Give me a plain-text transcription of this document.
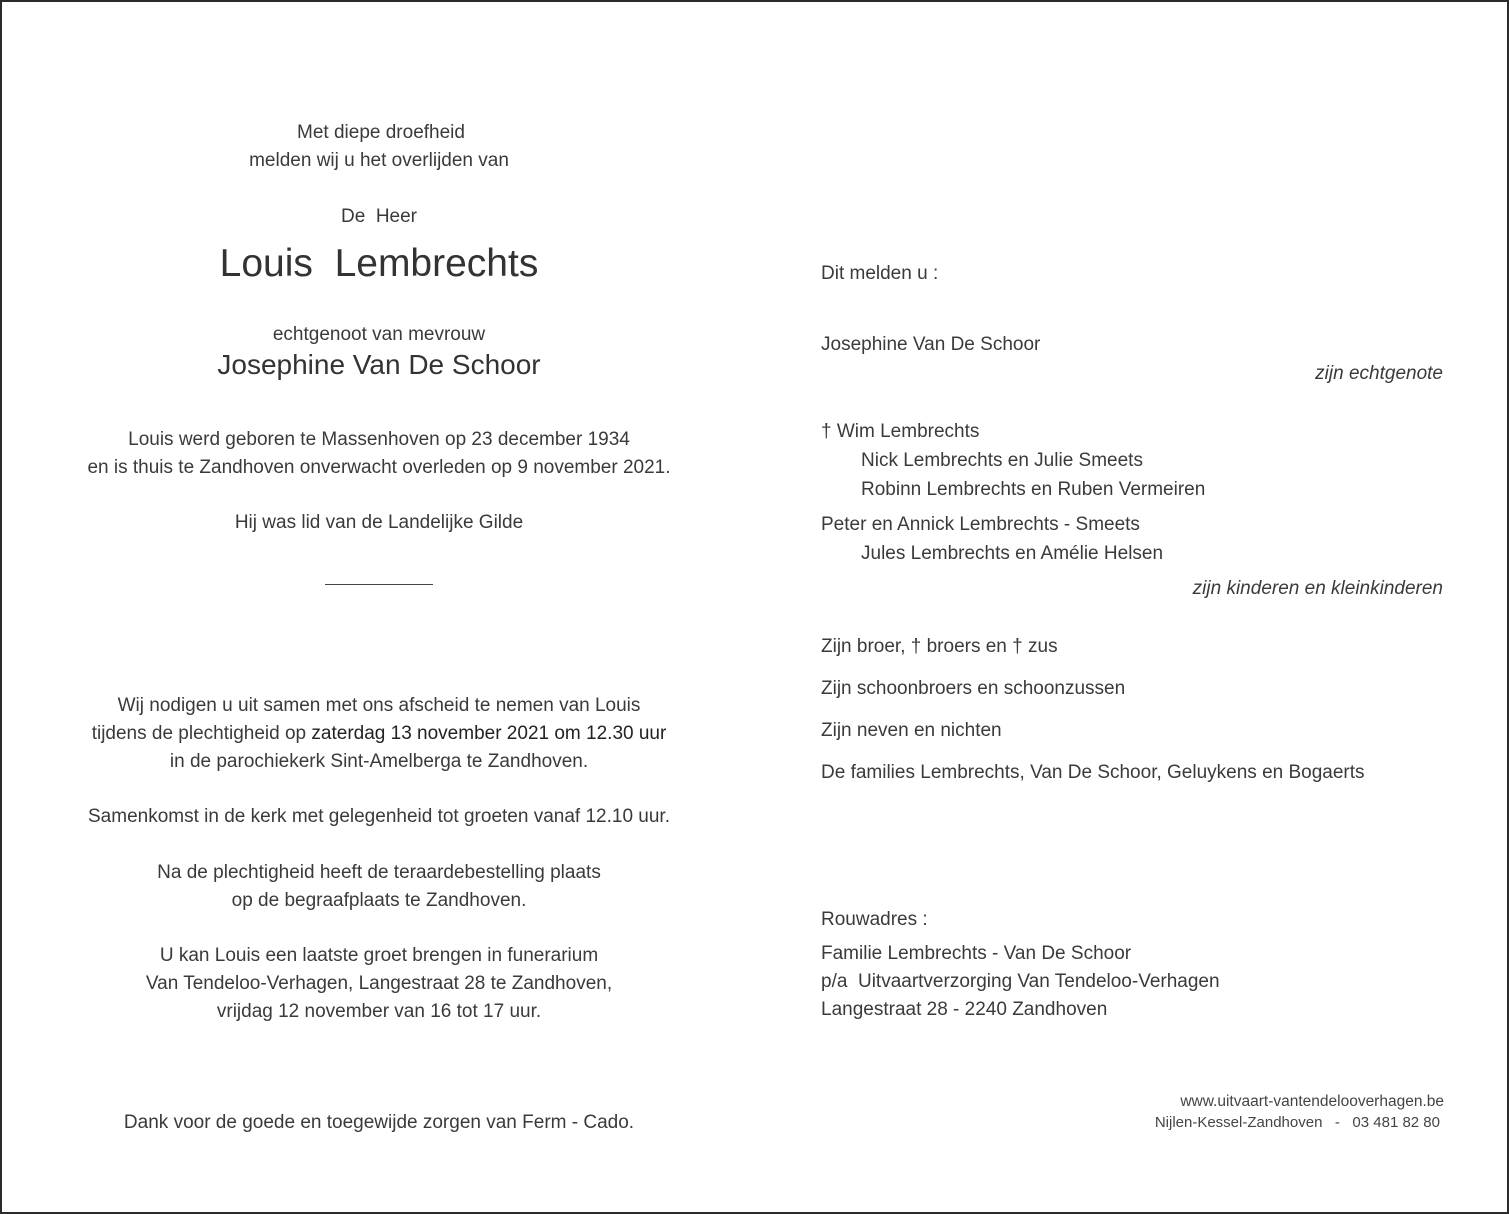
Met diepe droefheid
melden wij u het overlijden van
De  Heer
Louis  Lembrechts
echtgenoot van mevrouw
Josephine Van De Schoor
Louis werd geboren te Massenhoven op 23 december 1934
en is thuis te Zandhoven onverwacht overleden op 9 november 2021.
Hij was lid van de Landelijke Gilde
Wij nodigen u uit samen met ons afscheid te nemen van Louis
tijdens de plechtigheid op zaterdag 13 november 2021 om 12.30 uur
in de parochiekerk Sint-Amelberga te Zandhoven.
Samenkomst in de kerk met gelegenheid tot groeten vanaf 12.10 uur.
Na de plechtigheid heeft de teraardebestelling plaats
op de begraafplaats te Zandhoven.
U kan Louis een laatste groet brengen in funerarium
Van Tendeloo-Verhagen, Langestraat 28 te Zandhoven,
vrijdag 12 november van 16 tot 17 uur.
Dank voor de goede en toegewijde zorgen van Ferm - Cado.
Dit melden u :
Josephine Van De Schoor
zijn echtgenote
† Wim Lembrechts
Nick Lembrechts en Julie Smeets
Robinn Lembrechts en Ruben Vermeiren
Peter en Annick Lembrechts - Smeets
Jules Lembrechts en Amélie Helsen
zijn kinderen en kleinkinderen
Zijn broer, † broers en † zus
Zijn schoonbroers en schoonzussen
Zijn neven en nichten
De families Lembrechts, Van De Schoor, Geluykens en Bogaerts
Rouwadres :
Familie Lembrechts - Van De Schoor
p/a  Uitvaartverzorging Van Tendeloo-Verhagen
Langestraat 28 - 2240 Zandhoven
www.uitvaart-vantendelooverhagen.be
Nijlen-Kessel-Zandhoven   -   03 481 82 80
